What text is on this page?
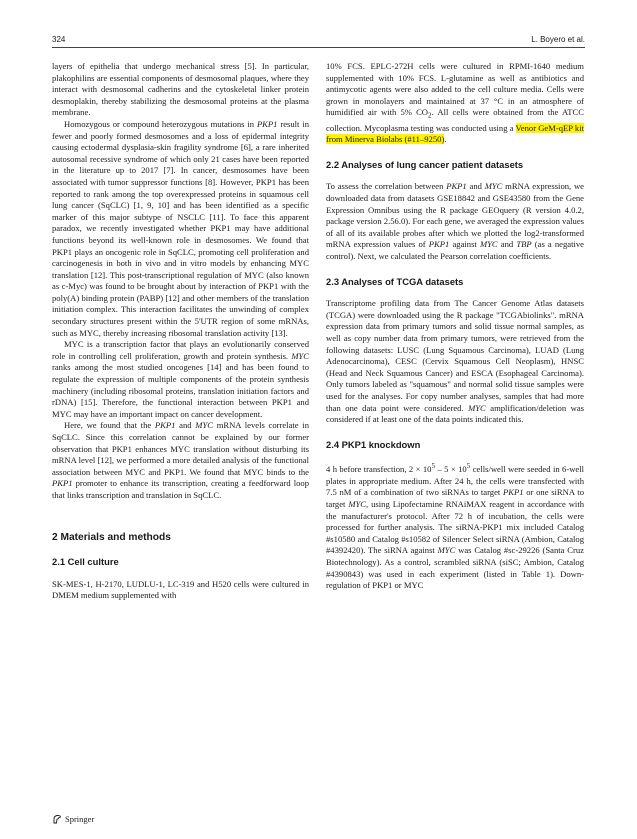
324	L. Boyero et al.

layers of epithelia that undergo mechanical stress [5]. In particular, plakophilins are essential components of desmosomal plaques, where they interact with desmosomal cadherins and the cytoskeletal linker protein desmoplakin, thereby stabilizing the desmosomal proteins at the plasma membrane.

Homozygous or compound heterozygous mutations in PKP1 result in fewer and poorly formed desmosomes and a loss of epidermal integrity causing ectodermal dysplasia-skin fragility syndrome [6], a rare inherited autosomal recessive syndrome of which only 21 cases have been reported in the literature up to 2017 [7]. In cancer, desmosomes have been associated with tumor suppressor functions [8]. However, PKP1 has been reported to rank among the top overexpressed proteins in squamous cell lung cancer (SqCLC) [1, 9, 10] and has been identified as a specific marker of this major subtype of NSCLC [11]. To face this apparent paradox, we recently investigated whether PKP1 may have additional functions beyond its well-known role in desmosomes. We found that PKP1 plays an oncogenic role in SqCLC, promoting cell proliferation and carcinogenesis in both in vivo and in vitro models by enhancing MYC translation [12]. This post-transcriptional regulation of MYC (also known as c-Myc) was found to be brought about by interaction of PKP1 with the poly(A) binding protein (PABP) [12] and other members of the translation initiation complex. This interaction facilitates the unwinding of complex secondary structures present within the 5'UTR region of some mRNAs, such as MYC, thereby increasing ribosomal translation activity [13].

MYC is a transcription factor that plays an evolutionarily conserved role in controlling cell proliferation, growth and protein synthesis. MYC ranks among the most studied oncogenes [14] and has been found to regulate the expression of multiple components of the protein synthesis machinery (including ribosomal proteins, translation initiation factors and rDNA) [15]. Therefore, the functional interaction between PKP1 and MYC may have an important impact on cancer development.

Here, we found that the PKP1 and MYC mRNA levels correlate in SqCLC. Since this correlation cannot be explained by our former observation that PKP1 enhances MYC translation without disturbing its mRNA level [12], we performed a more detailed analysis of the functional association between MYC and PKP1. We found that MYC binds to the PKP1 promoter to enhance its transcription, creating a feedforward loop that links transcription and translation in SqCLC.

2 Materials and methods
2.1 Cell culture

SK-MES-1, H-2170, LUDLU-1, LC-319 and H520 cells were cultured in DMEM medium supplemented with

10% FCS. EPLC-272H cells were cultured in RPMI-1640 medium supplemented with 10% FCS. L-glutamine as well as antibiotics and antimycotic agents were also added to the cell culture media. Cells were grown in monolayers and maintained at 37 °C in an atmosphere of humidified air with 5% $CO_2$. All cells were obtained from the ATCC collection. Mycoplasma testing was conducted using a Venor GeM-qEP kit from Minerva Biolabs (#11–9250).

2.2 Analyses of lung cancer patient datasets

To assess the correlation between PKP1 and MYC mRNA expression, we downloaded data from datasets GSE18842 and GSE43580 from the Gene Expression Omnibus using the R package GEOquery (R version 4.0.2, package version 2.56.0). For each gene, we averaged the expression values of all of its available probes after which we plotted the log2-transformed mRNA expression values of PKP1 against MYC and TBP (as a negative control). Next, we calculated the Pearson correlation coefficients.

2.3 Analyses of TCGA datasets

Transcriptome profiling data from The Cancer Genome Atlas datasets (TCGA) were downloaded using the R package "TCGAbiolinks". mRNA expression data from primary tumors and solid tissue normal samples, as well as copy number data from primary tumors, were retrieved from the following datasets: LUSC (Lung Squamous Carcinoma), LUAD (Lung Adenocarcinoma), CESC (Cervix Squamous Cell Neoplasm), HNSC (Head and Neck Squamous Cancer) and ESCA (Esophageal Carcinoma). Only tumors labeled as "squamous" and normal solid tissue samples were used for the analyses. For copy number analyses, samples that had more than one data point were considered. MYC amplification/deletion was considered if at least one of the data points indicated this.

2.4 PKP1 knockdown

4 h before transfection, $2 \times 10^5 - 5 \times 10^5$ cells/well were seeded in 6-well plates in appropriate medium. After 24 h, the cells were transfected with 7.5 nM of a combination of two siRNAs to target PKP1 or one siRNA to target MYC, using Lipofectamine RNAiMAX reagent in accordance with the manufacturer's protocol. After 72 h of incubation, the cells were processed for further analysis. The siRNA-PKP1 mix included Catalog #s10580 and Catalog #s10582 of Silencer Select siRNA (Ambion, Catalog #4392420). The siRNA against MYC was Catalog #sc-29226 (Santa Cruz Biotechnology). As a control, scrambled siRNA (siSC; Ambion, Catalog #4390843) was used in each experiment (listed in Table 1). Down-regulation of PKP1 or MYC

Springer
